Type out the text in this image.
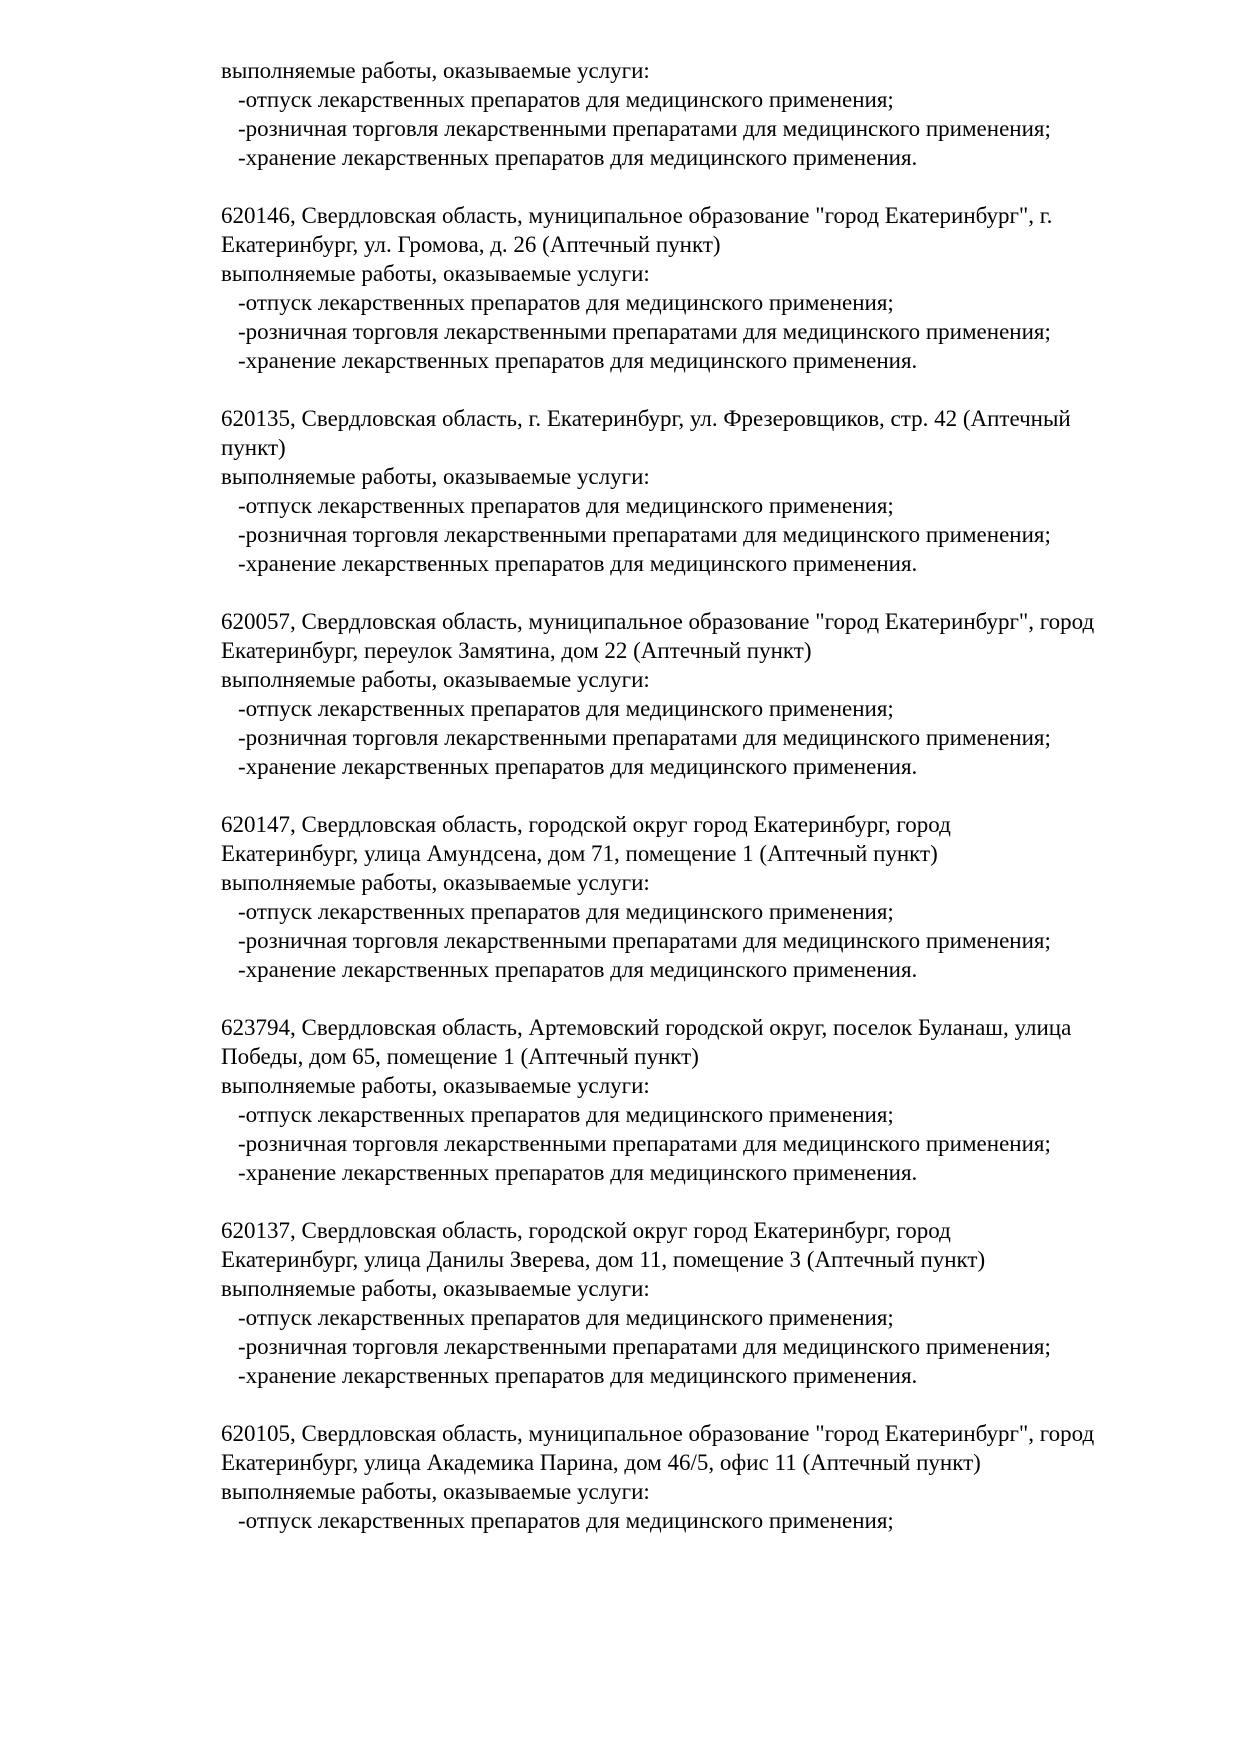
выполняемые работы, оказываемые услуги:
-отпуск лекарственных препаратов для медицинского применения;
-розничная торговля лекарственными препаратами для медицинского применения;
-хранение лекарственных препаратов для медицинского применения.
620146, Свердловская область, муниципальное образование "город Екатеринбург", г.
Екатеринбург, ул. Громова, д. 26 (Аптечный пункт)
выполняемые работы, оказываемые услуги:
-отпуск лекарственных препаратов для медицинского применения;
-розничная торговля лекарственными препаратами для медицинского применения;
-хранение лекарственных препаратов для медицинского применения.
620135, Свердловская область, г. Екатеринбург, ул. Фрезеровщиков, стр. 42 (Аптечный
пункт)
выполняемые работы, оказываемые услуги:
-отпуск лекарственных препаратов для медицинского применения;
-розничная торговля лекарственными препаратами для медицинского применения;
-хранение лекарственных препаратов для медицинского применения.
620057, Свердловская область, муниципальное образование "город Екатеринбург", город
Екатеринбург, переулок Замятина, дом 22 (Аптечный пункт)
выполняемые работы, оказываемые услуги:
-отпуск лекарственных препаратов для медицинского применения;
-розничная торговля лекарственными препаратами для медицинского применения;
-хранение лекарственных препаратов для медицинского применения.
620147, Свердловская область, городской округ город Екатеринбург, город
Екатеринбург, улица Амундсена, дом 71, помещение 1 (Аптечный пункт)
выполняемые работы, оказываемые услуги:
-отпуск лекарственных препаратов для медицинского применения;
-розничная торговля лекарственными препаратами для медицинского применения;
-хранение лекарственных препаратов для медицинского применения.
623794, Свердловская область, Артемовский городской округ, поселок Буланаш, улица
Победы, дом 65, помещение 1 (Аптечный пункт)
выполняемые работы, оказываемые услуги:
-отпуск лекарственных препаратов для медицинского применения;
-розничная торговля лекарственными препаратами для медицинского применения;
-хранение лекарственных препаратов для медицинского применения.
620137, Свердловская область, городской округ город Екатеринбург, город
Екатеринбург, улица Данилы Зверева, дом 11, помещение 3 (Аптечный пункт)
выполняемые работы, оказываемые услуги:
-отпуск лекарственных препаратов для медицинского применения;
-розничная торговля лекарственными препаратами для медицинского применения;
-хранение лекарственных препаратов для медицинского применения.
620105, Свердловская область, муниципальное образование "город Екатеринбург", город
Екатеринбург, улица Академика Парина, дом 46/5, офис 11 (Аптечный пункт)
выполняемые работы, оказываемые услуги:
-отпуск лекарственных препаратов для медицинского применения;
